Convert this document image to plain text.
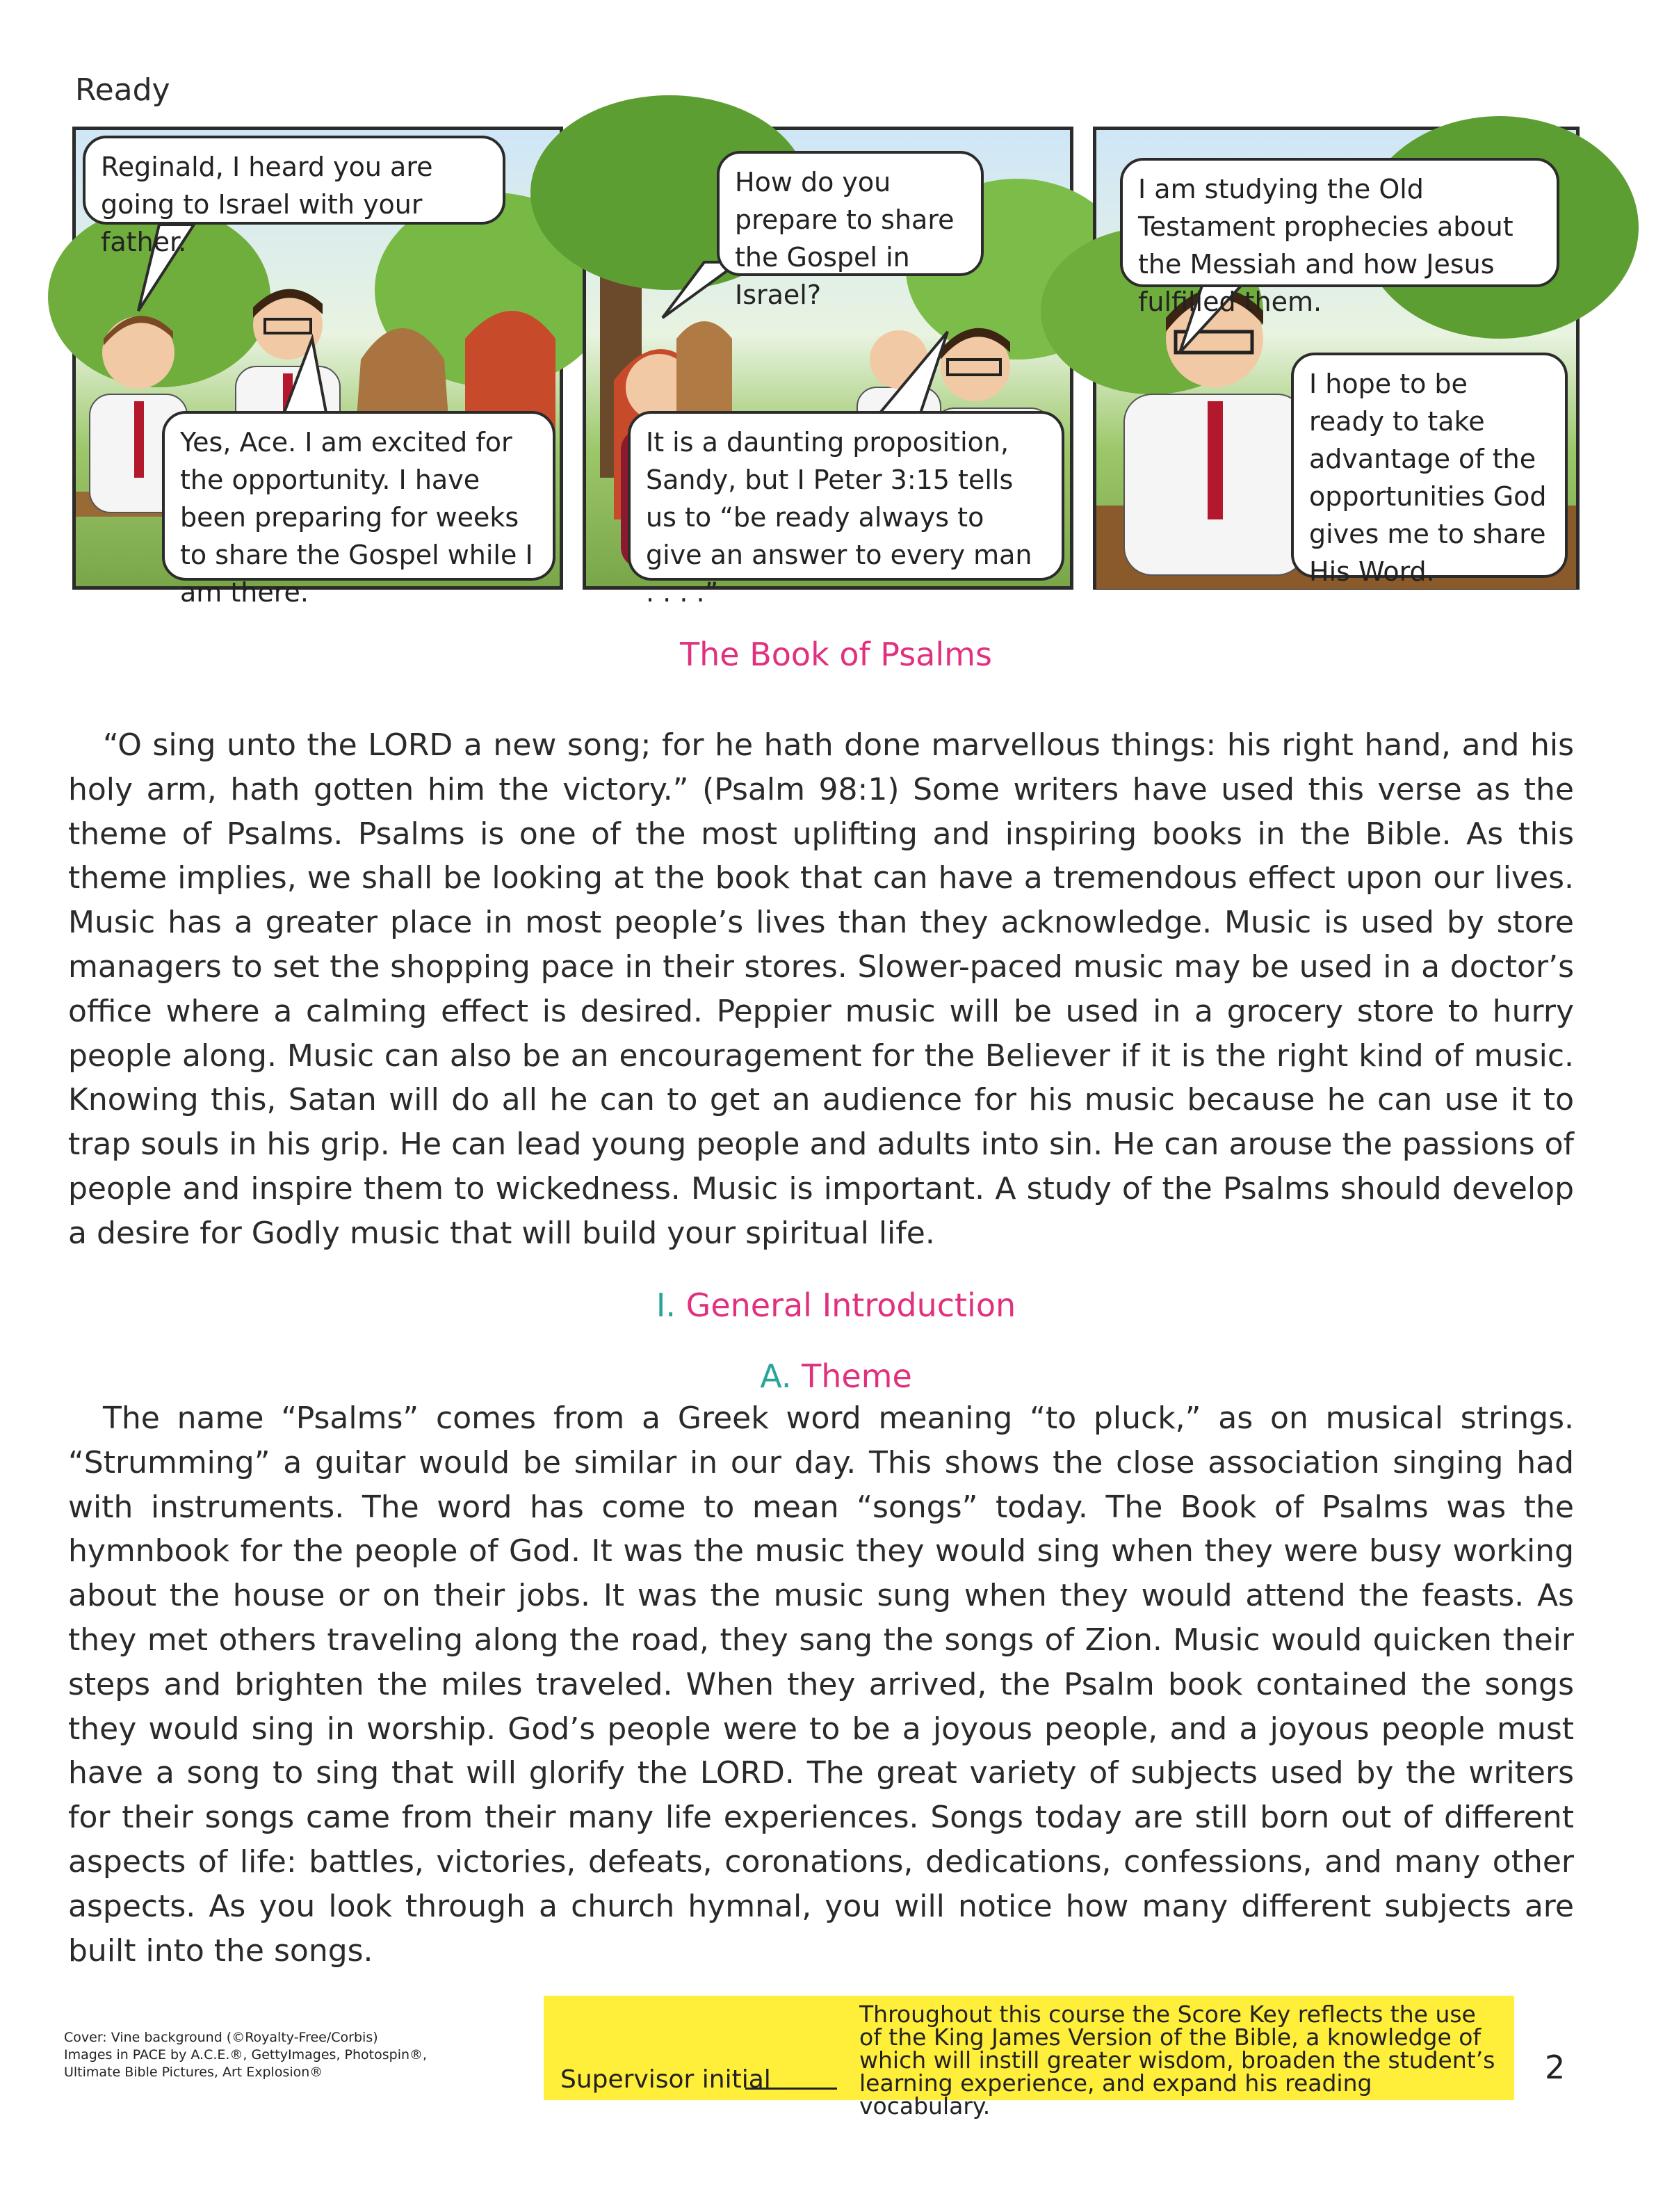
Ready
Reginald, I heard you are going to Israel with your father.
Yes, Ace. I am excited for the opportunity. I have been preparing for weeks to share the Gospel while I am there.
How do you prepare to share the Gospel in Israel?
It is a daunting proposition, Sandy, but I Peter 3:15 tells us to “be ready always to give an answer to every man . . . .”
I am studying the Old Testament prophecies about the Messiah and how Jesus fulfilled them.
I hope to be ready to take advantage of the opportunities God gives me to share His Word.
The Book of Psalms
“O sing unto the LORD a new song; for he hath done marvellous things: his right hand, and his holy arm, hath gotten him the victory.” (Psalm 98:1) Some writers have used this verse as the theme of Psalms. Psalms is one of the most uplifting and inspiring books in the Bible. As this theme implies, we shall be looking at the book that can have a tremendous effect upon our lives. Music has a greater place in most people’s lives than they acknowledge. Music is used by store managers to set the shopping pace in their stores. Slower-paced music may be used in a doctor’s office where a calming effect is desired. Peppier music will be used in a grocery store to hurry people along. Music can also be an encouragement for the Believer if it is the right kind of music. Knowing this, Satan will do all he can to get an audience for his music because he can use it to trap souls in his grip. He can lead young people and adults into sin. He can arouse the passions of people and inspire them to wickedness. Music is important. A study of the Psalms should develop a desire for Godly music that will build your spiritual life.
I. General Introduction
A. Theme
The name “Psalms” comes from a Greek word meaning “to pluck,” as on musical strings. “Strumming” a guitar would be similar in our day. This shows the close association singing had with instruments. The word has come to mean “songs” today. The Book of Psalms was the hymnbook for the people of God. It was the music they would sing when they were busy working about the house or on their jobs. It was the music sung when they would attend the feasts. As they met others traveling along the road, they sang the songs of Zion. Music would quicken their steps and brighten the miles traveled. When they arrived, the Psalm book contained the songs they would sing in worship. God’s people were to be a joyous people, and a joyous people must have a song to sing that will glorify the LORD. The great variety of subjects used by the writers for their songs came from their many life experiences. Songs today are still born out of different aspects of life: battles, victories, defeats, coronations, dedications, confessions, and many other aspects. As you look through a church hymnal, you will notice how many different subjects are built into the songs.
Cover: Vine background (©Royalty-Free/Corbis)
Images in PACE by A.C.E.®, GettyImages, Photospin®,
Ultimate Bible Pictures, Art Explosion®	Supervisor initial
Throughout this course the Score Key reflects the use of the King James Version of the Bible, a knowledge of which will instill greater wisdom, broaden the student’s learning experience, and expand his reading vocabulary.
2
